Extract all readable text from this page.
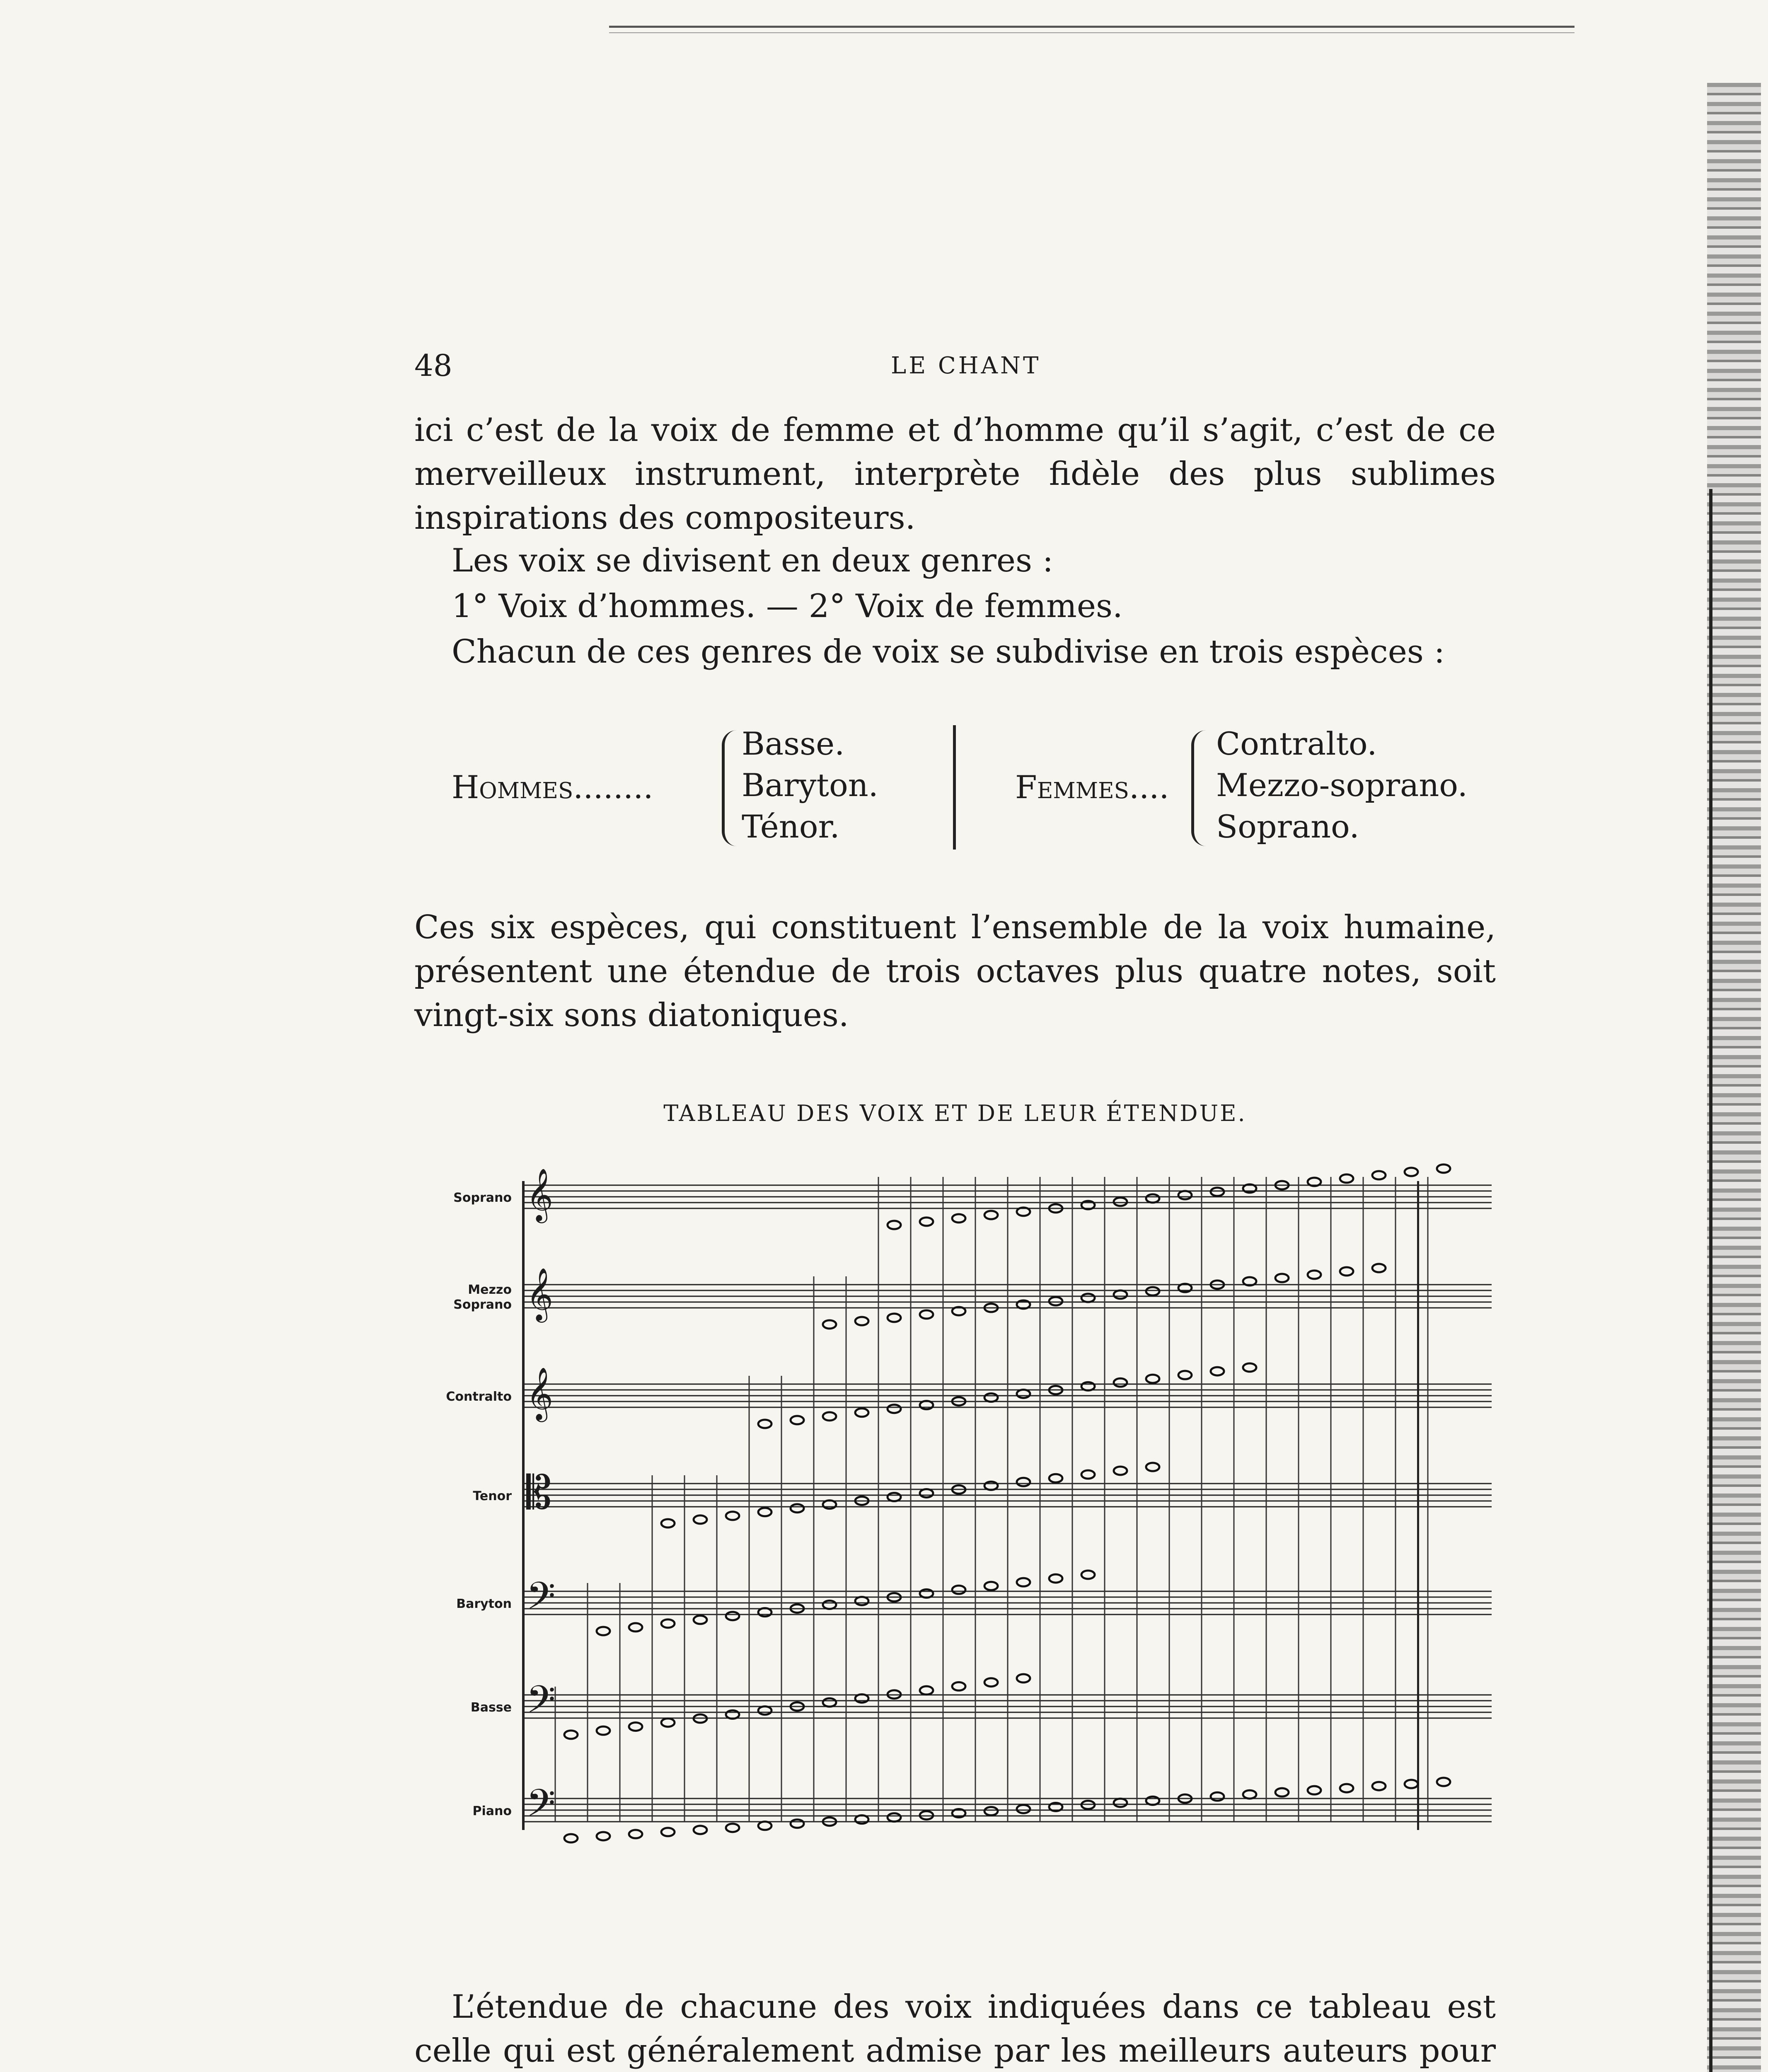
48	LE CHANT
ici c’est de la voix de femme et d’homme qu’il s’agit, c’est de ce merveilleux instrument, interprète fidèle des plus sublimes inspirations des compositeurs.
Les voix se divisent en deux genres :
1° Voix d’hommes. — 2° Voix de femmes.
Chacun de ces genres de voix se subdivise en trois espèces :
Hommes........
Basse.
Baryton.
Ténor.
Femmes....
Contralto.
Mezzo-soprano.
Soprano.
Ces six espèces, qui constituent l’ensemble de la voix humaine, présentent une étendue de trois octaves plus quatre notes, soit vingt-six sons diatoniques.
TABLEAU DES VOIX ET DE LEUR ÉTENDUE.
Soprano
Mezzo
Soprano
Contralto
Tenor
Baryton
Basse
Piano
𝄞
𝄞
𝄞
𝄡
𝄢
𝄢
𝄢
L’étendue de chacune des voix indiquées dans ce tableau est celle qui est généralement admise par les meilleurs auteurs pour
